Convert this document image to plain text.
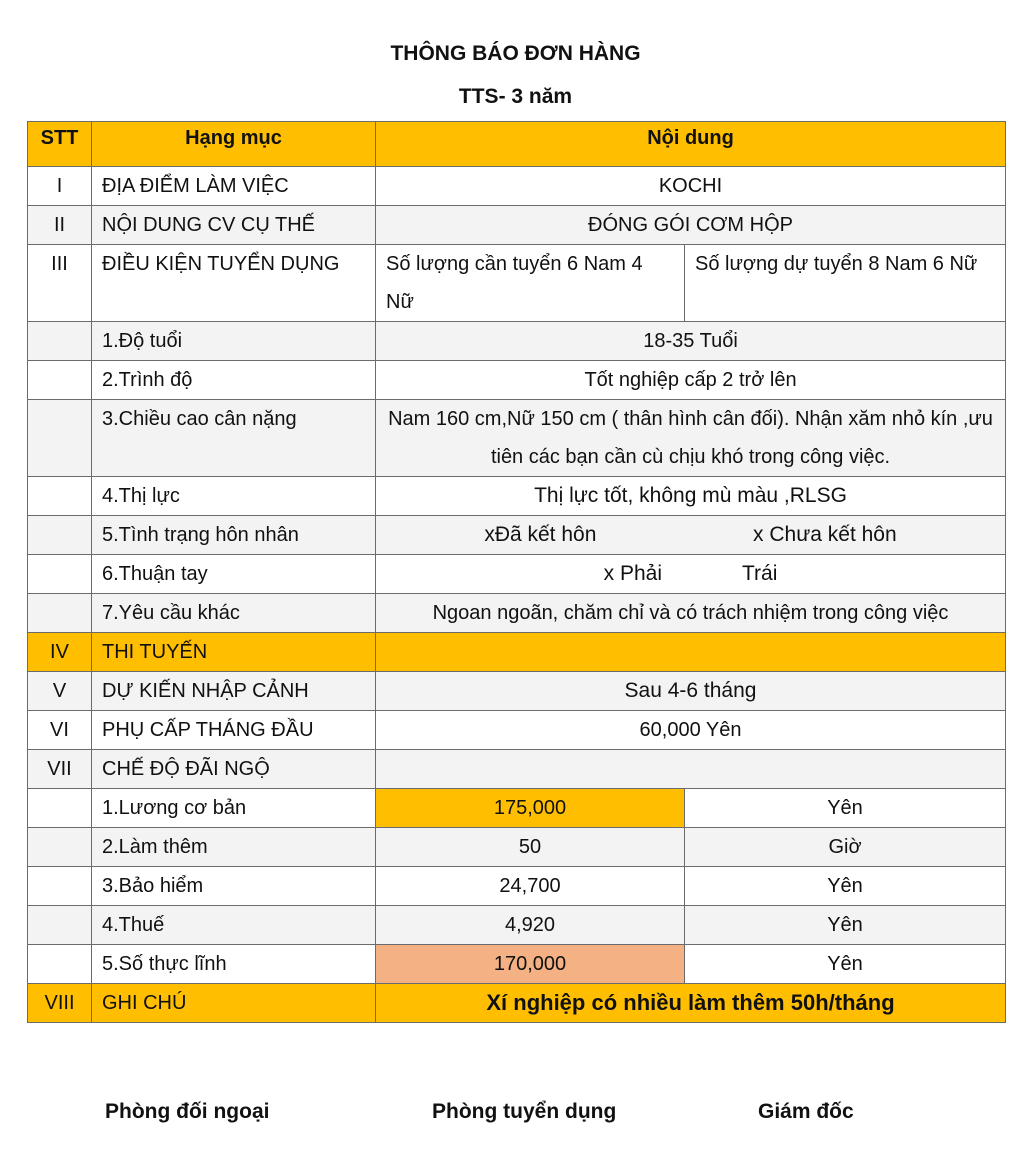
THÔNG BÁO ĐƠN HÀNG
TTS- 3 năm
STT	Hạng mục	Nội dung	
I	ĐỊA ĐIỂM LÀM VIỆC	KOCHI	
II	NỘI DUNG CV CỤ THẾ	ĐÓNG GÓI CƠM HỘP	
III	ĐIỀU KIỆN TUYỂN DỤNG	Số lượng cần tuyển 6 Nam 4 Nữ	Số lượng dự tuyển 8 Nam 6 Nữ
	1.Độ tuổi	18-35 Tuổi	
	2.Trình độ	Tốt nghiệp cấp 2 trở lên	
	3.Chiều cao cân nặng	Nam 160 cm,Nữ 150 cm ( thân hình cân đối). Nhận xăm nhỏ kín ,ưu tiên các bạn cần cù chịu khó trong công việc.	
	4.Thị lực	Thị lực tốt, không mù màu ,RLSG	
	5.Tình trạng hôn nhân	xĐã kết hôn x Chưa kết hôn	

	6.Thuận tay	x Phải Trái	

	7.Yêu cầu khác	Ngoan ngoãn, chăm chỉ và có trách nhiệm trong công việc	
IV	THI TUYẾN		
V	DỰ KIẾN NHẬP CẢNH	Sau 4-6 tháng	
VI	PHỤ CẤP THÁNG ĐẦU	60,000 Yên	
VII	CHẾ ĐỘ ĐÃI NGỘ		
	1.Lương cơ bản	175,000	Yên
	2.Làm thêm	50	Giờ
	3.Bảo hiểm	24,700	Yên
	4.Thuế	4,920	Yên
	5.Số thực lĩnh	170,000	Yên
VIII	GHI CHÚ	Xí nghiệp có nhiều làm thêm 50h/tháng	
Phòng đối ngoại	Phòng tuyển dụng	Giám đốc
